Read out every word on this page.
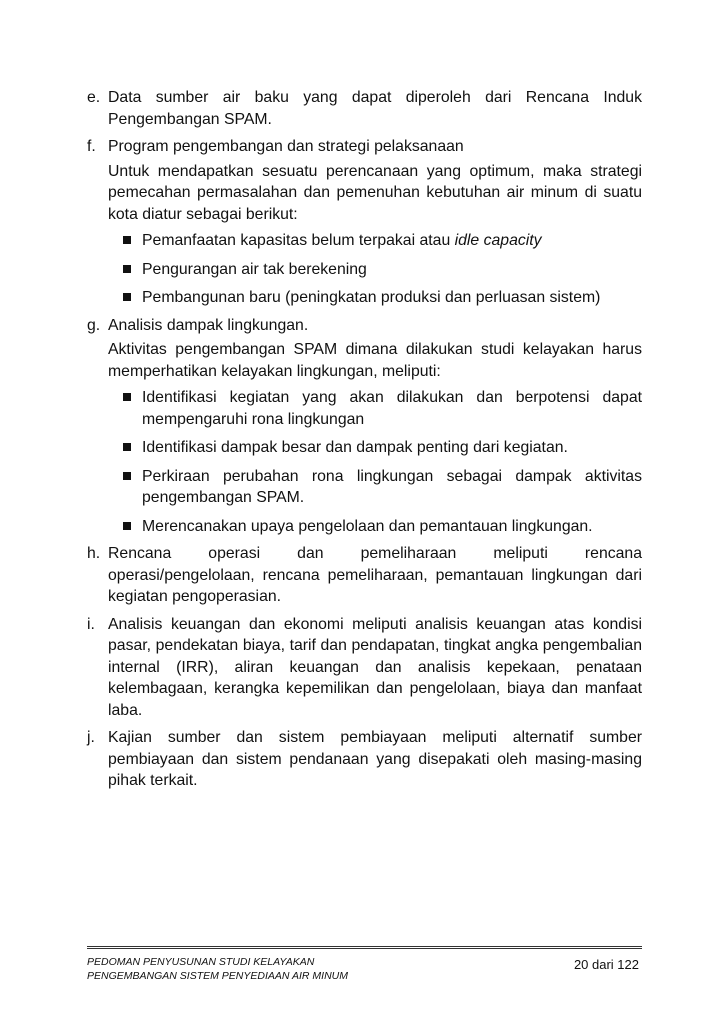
e. Data sumber air baku yang dapat diperoleh dari Rencana Induk Pengembangan SPAM.

f. Program pengembangan dan strategi pelaksanaan

Untuk mendapatkan sesuatu perencanaan yang optimum, maka strategi pemecahan permasalahan dan pemenuhan kebutuhan air minum di suatu kota diatur sebagai berikut:

Pemanfaatan kapasitas belum terpakai atau idle capacity
Pengurangan air tak berekening
Pembangunan baru (peningkatan produksi dan perluasan sistem)
g. Analisis dampak lingkungan.

Aktivitas pengembangan SPAM dimana dilakukan studi kelayakan harus memperhatikan kelayakan lingkungan, meliputi:

Identifikasi kegiatan yang akan dilakukan dan berpotensi dapat mempengaruhi rona lingkungan
Identifikasi dampak besar dan dampak penting dari kegiatan.
Perkiraan perubahan rona lingkungan sebagai dampak aktivitas pengembangan SPAM.
Merencanakan upaya pengelolaan dan pemantauan lingkungan.
h. Rencana operasi dan pemeliharaan meliputi rencana

operasi/pengelolaan, rencana pemeliharaan, pemantauan lingkungan dari kegiatan pengoperasian.

i. Analisis keuangan dan ekonomi meliputi analisis keuangan atas kondisi pasar, pendekatan biaya, tarif dan pendapatan, tingkat angka pengembalian internal (IRR), aliran keuangan dan analisis kepekaan, penataan kelembagaan, kerangka kepemilikan dan pengelolaan, biaya dan manfaat laba.

j. Kajian sumber dan sistem pembiayaan meliputi alternatif sumber pembiayaan dan sistem pendanaan yang disepakati oleh masing-masing pihak terkait.

PEDOMAN PENYUSUNAN STUDI KELAYAKAN
PENGEMBANGAN SISTEM PENYEDIAAN AIR MINUM
20 dari 122
